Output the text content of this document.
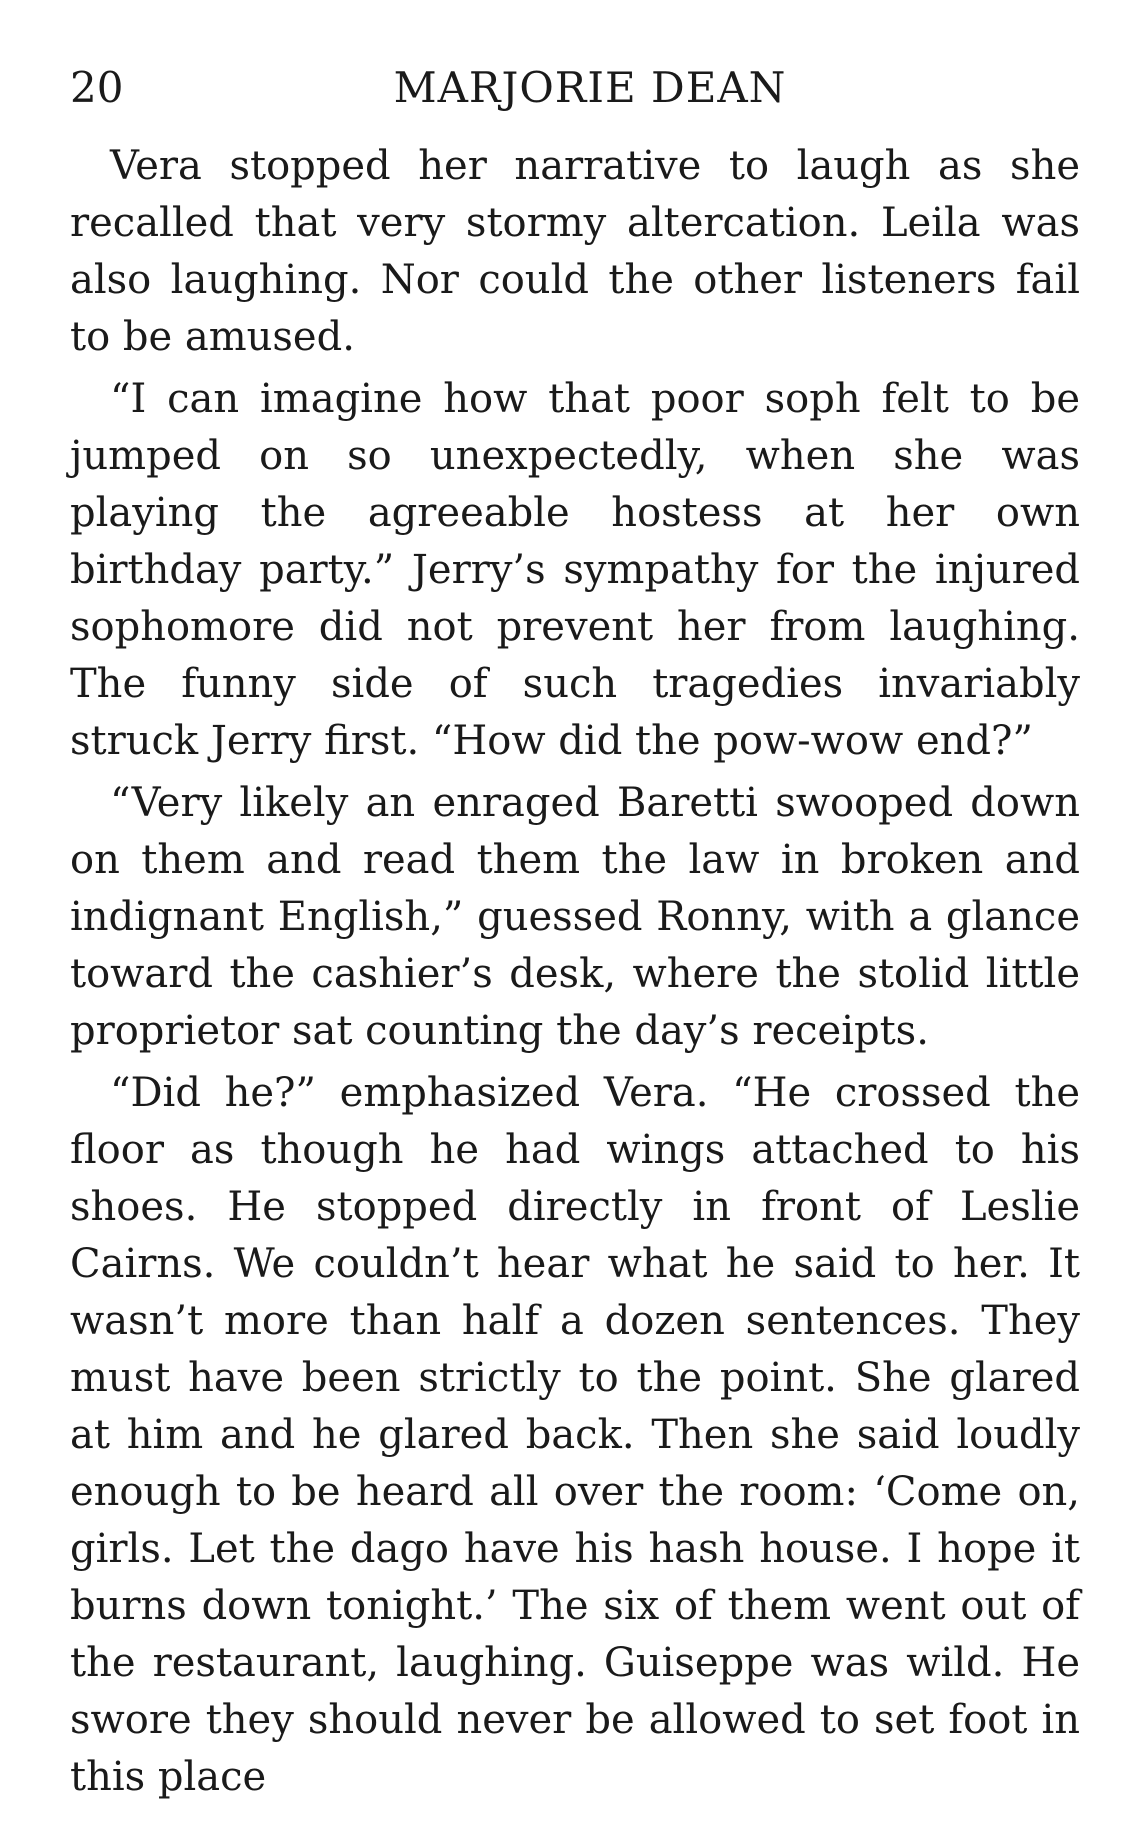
20	MARJORIE DEAN

Vera stopped her narrative to laugh as she recalled that very stormy altercation. Leila was also laughing. Nor could the other listeners fail to be amused.

“I can imagine how that poor soph felt to be jumped on so unexpectedly, when she was playing the agreeable hostess at her own birthday party.” Jerry’s sympathy for the injured sophomore did not prevent her from laughing. The funny side of such tragedies invariably struck Jerry first. “How did the pow-wow end?”

“Very likely an enraged Baretti swooped down on them and read them the law in broken and indignant English,” guessed Ronny, with a glance toward the cashier’s desk, where the stolid little proprietor sat counting the day’s receipts.

“Did he?” emphasized Vera. “He crossed the floor as though he had wings attached to his shoes. He stopped directly in front of Leslie Cairns. We couldn’t hear what he said to her. It wasn’t more than half a dozen sentences. They must have been strictly to the point. She glared at him and he glared back. Then she said loudly enough to be heard all over the room: ‘Come on, girls. Let the dago have his hash house. I hope it burns down tonight.’ The six of them went out of the restaurant, laughing. Guiseppe was wild. He swore they should never be allowed to set foot in this place
